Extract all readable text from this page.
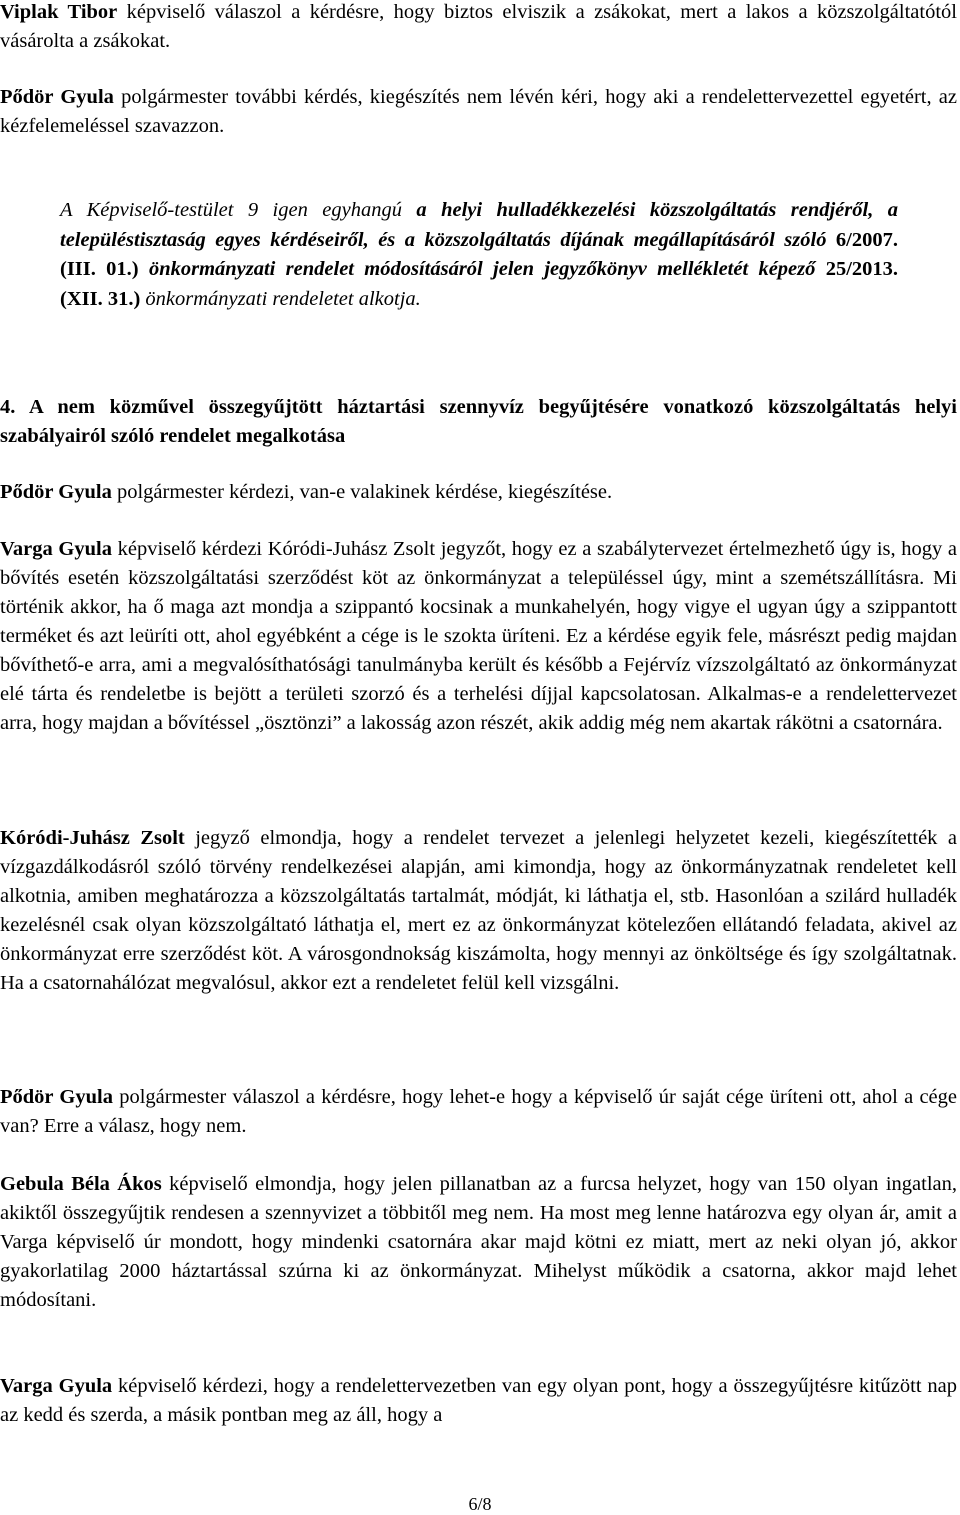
Viplak Tibor képviselő válaszol a kérdésre, hogy biztos elviszik a zsákokat, mert a lakos a közszolgáltatótól vásárolta a zsákokat.

Pődör Gyula polgármester további kérdés, kiegészítés nem lévén kéri, hogy aki a rendelettervezettel egyetért, az kézfelemeléssel szavazzon.

A Képviselő-testület 9 igen egyhangú a helyi hulladékkezelési közszolgáltatás rendjéről, a településtisztaság egyes kérdéseiről, és a közszolgáltatás díjának megállapításáról szóló 6/2007. (III. 01.) önkormányzati rendelet módosításáról jelen jegyzőkönyv mellékletét képező 25/2013. (XII. 31.) önkormányzati rendeletet alkotja.

4. A nem közművel összegyűjtött háztartási szennyvíz begyűjtésére vonatkozó közszolgáltatás helyi szabályairól szóló rendelet megalkotása

Pődör Gyula polgármester kérdezi, van-e valakinek kérdése, kiegészítése.

Varga Gyula képviselő kérdezi Kóródi-Juhász Zsolt jegyzőt, hogy ez a szabálytervezet értelmezhető úgy is, hogy a bővítés esetén közszolgáltatási szerződést köt az önkormányzat a településsel úgy, mint a szemétszállításra. Mi történik akkor, ha ő maga azt mondja a szippantó kocsinak a munkahelyén, hogy vigye el ugyan úgy a szippantott terméket és azt leüríti ott, ahol egyébként a cége is le szokta üríteni. Ez a kérdése egyik fele, másrészt pedig majdan bővíthető-e arra, ami a megvalósíthatósági tanulmányba került és később a Fejérvíz vízszolgáltató az önkormányzat elé tárta és rendeletbe is bejött a területi szorzó és a terhelési díjjal kapcsolatosan. Alkalmas-e a rendelettervezet arra, hogy majdan a bővítéssel „ösztönzi” a lakosság azon részét, akik addig még nem akartak rákötni a csatornára.

Kóródi-Juhász Zsolt jegyző elmondja, hogy a rendelet tervezet a jelenlegi helyzetet kezeli, kiegészítették a vízgazdálkodásról szóló törvény rendelkezései alapján, ami kimondja, hogy az önkormányzatnak rendeletet kell alkotnia, amiben meghatározza a közszolgáltatás tartalmát, módját, ki láthatja el, stb. Hasonlóan a szilárd hulladék kezelésnél csak olyan közszolgáltató láthatja el, mert ez az önkormányzat kötelezően ellátandó feladata, akivel az önkormányzat erre szerződést köt. A városgondnokság kiszámolta, hogy mennyi az önköltsége és így szolgáltatnak. Ha a csatornahálózat megvalósul, akkor ezt a rendeletet felül kell vizsgálni.

Pődör Gyula polgármester válaszol a kérdésre, hogy lehet-e hogy a képviselő úr saját cége üríteni ott, ahol a cége van? Erre a válasz, hogy nem.

Gebula Béla Ákos képviselő elmondja, hogy jelen pillanatban az a furcsa helyzet, hogy van 150 olyan ingatlan, akiktől összegyűjtik rendesen a szennyvizet a többitől meg nem. Ha most meg lenne határozva egy olyan ár, amit a Varga képviselő úr mondott, hogy mindenki csatornára akar majd kötni ez miatt, mert az neki olyan jó, akkor gyakorlatilag 2000 háztartással szúrna ki az önkormányzat. Mihelyst működik a csatorna, akkor majd lehet módosítani.

Varga Gyula képviselő kérdezi, hogy a rendelettervezetben van egy olyan pont, hogy a összegyűjtésre kitűzött nap az kedd és szerda, a másik pontban meg az áll, hogy a

6/8
